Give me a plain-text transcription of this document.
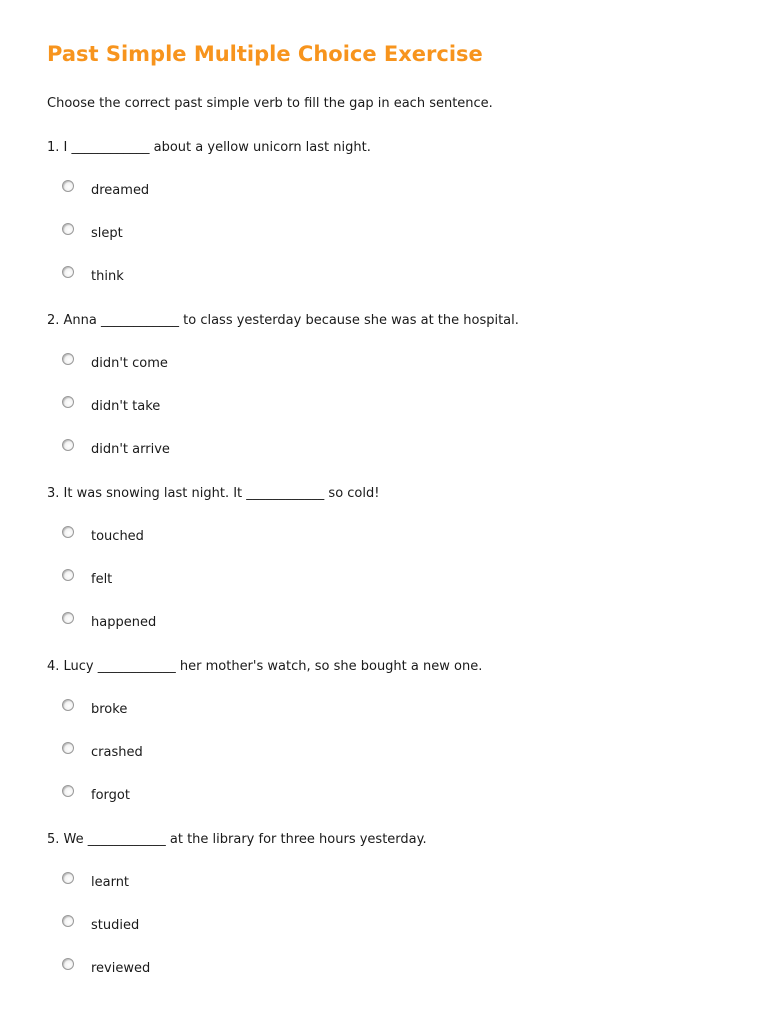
Past Simple Multiple Choice Exercise
Choose the correct past simple verb to fill the gap in each sentence.
1. I ____________ about a yellow unicorn last night.
dreamed
slept
think
2. Anna ____________ to class yesterday because she was at the hospital.
didn't come
didn't take
didn't arrive
3. It was snowing last night. It ____________ so cold!
touched
felt
happened
4. Lucy ____________ her mother's watch, so she bought a new one.
broke
crashed
forgot
5. We ____________ at the library for three hours yesterday.
learnt
studied
reviewed
